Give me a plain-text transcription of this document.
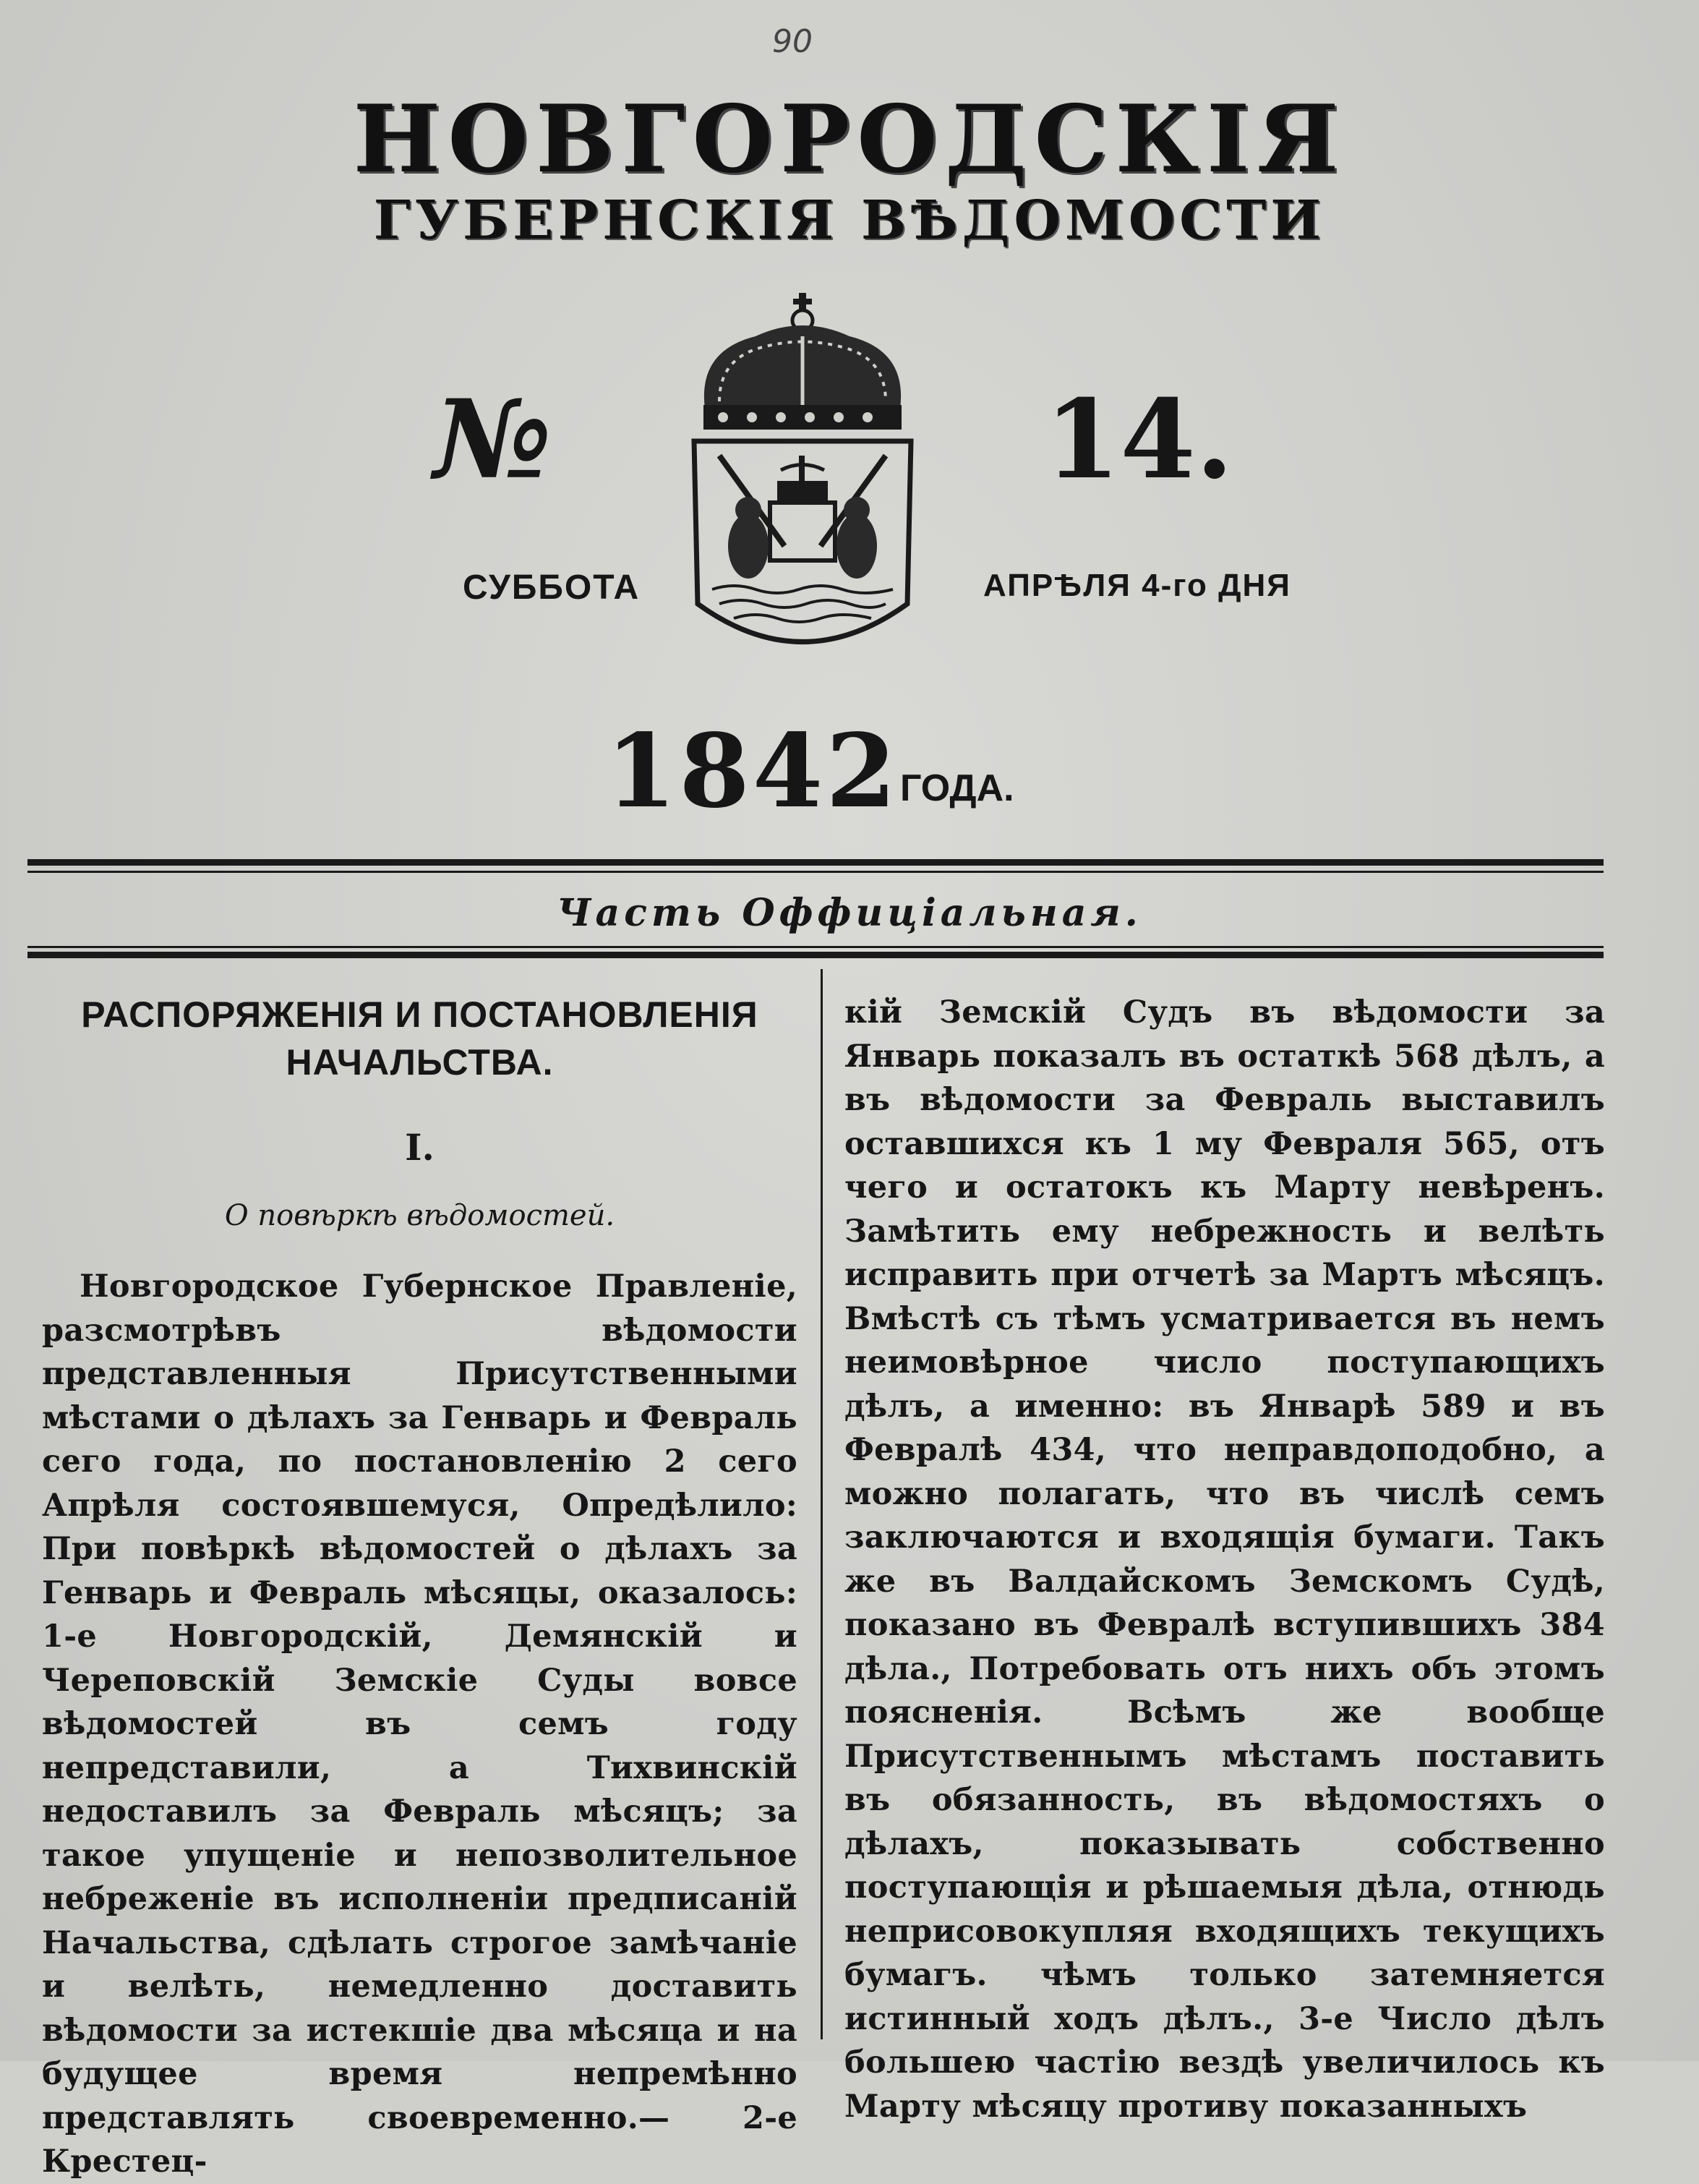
90
НОВГОРОДСКІЯ
ГУБЕРНСКІЯ ВѢДОМОСТИ
№	14.
СУББОТА	АПРѢЛЯ 4-го ДНЯ
1842 ГОДА.
Часть Оффиціальная.

РАСПОРЯЖЕНІЯ И ПОСТАНОВЛЕНІЯ

НАЧАЛЬСТВА.

I.
О повѣркѣ вѣдомостей.

Новгородское Губернское Правленіе, разсмотрѣвъ вѣдомости представленныя Присутственными мѣстами о дѣлахъ за Генварь и Февраль сего года, по постановленію 2 сего Апрѣля состоявшемуся, Опредѣлило: При повѣркѣ вѣдомостей о дѣлахъ за Генварь и Февраль мѣсяцы, оказалось: 1-е Новгородскій, Демянскій и Череповскій Земскіе Суды вовсе вѣдомостей въ семъ году непредставили, а Тихвинскій недоставилъ за Февраль мѣсяцъ; за такое упущеніе и непозволительное небреженіе въ исполненіи предписаній Начальства, сдѣлать строгое замѣчаніе и велѣть, немедленно доставить вѣдомости за истекшіе два мѣсяца и на будущее время непремѣнно представлять своевременно.— 2-е Крестец-

кій Земскій Судъ въ вѣдомости за Январь показалъ въ остаткѣ 568 дѣлъ, а въ вѣдомости за Февраль выставилъ оставшихся къ 1 му Февраля 565, отъ чего и остатокъ къ Марту невѣренъ. Замѣтить ему небрежность и велѣть исправить при отчетѣ за Мартъ мѣсяцъ. Вмѣстѣ съ тѣмъ усматривается въ немъ неимовѣрное число поступающихъ дѣлъ, а именно: въ Январѣ 589 и въ Февралѣ 434, что неправдоподобно, а можно полагать, что въ числѣ семъ заключаются и входящія бумаги. Такъ же въ Валдайскомъ Земскомъ Судѣ, показано въ Февралѣ вступившихъ 384 дѣла., Потребовать отъ нихъ объ этомъ поясненія. Всѣмъ же вообще Присутственнымъ мѣстамъ поставить въ обязанность, въ вѣдомостяхъ о дѣлахъ, показывать собственно поступающія и рѣшаемыя дѣла, отнюдь неприсовокупляя входящихъ текущихъ бумагъ. чѣмъ только затемняется истинный ходъ дѣлъ., 3-е Число дѣлъ большею частію вездѣ увеличилось къ Марту мѣсяцу противу показанныхъ
